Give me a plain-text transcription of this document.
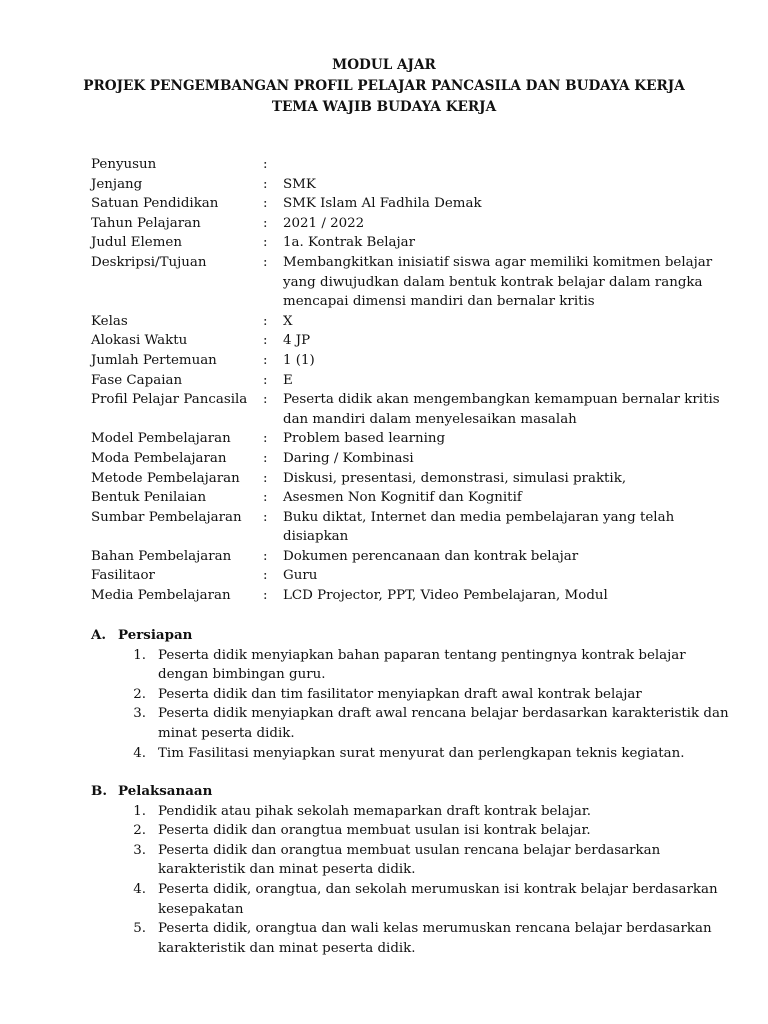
MODUL AJAR
PROJEK PENGEMBANGAN PROFIL PELAJAR PANCASILA DAN BUDAYA KERJA
TEMA WAJIB BUDAYA KERJA
Penyusun	:
Jenjang	:	SMK
Satuan Pendidikan	:	SMK Islam Al Fadhila Demak
Tahun Pelajaran	:	2021 / 2022
Judul Elemen	:	1a. Kontrak Belajar
Deskripsi/Tujuan	:	Membangkitkan inisiatif siswa agar memiliki komitmen belajar yang diwujudkan dalam bentuk kontrak belajar dalam rangka mencapai dimensi mandiri dan bernalar kritis
Kelas	:	X
Alokasi Waktu	:	4 JP
Jumlah Pertemuan	:	1 (1)
Fase Capaian	:	E
Profil Pelajar Pancasila	:	Peserta didik akan mengembangkan kemampuan bernalar kritis dan mandiri dalam menyelesaikan masalah
Model Pembelajaran	:	Problem based learning
Moda Pembelajaran	:	Daring / Kombinasi
Metode Pembelajaran	:	Diskusi, presentasi, demonstrasi, simulasi praktik,
Bentuk Penilaian	:	Asesmen Non Kognitif dan Kognitif
Sumbar Pembelajaran	:	Buku diktat, Internet dan media pembelajaran yang telah disiapkan
Bahan Pembelajaran	:	Dokumen perencanaan dan kontrak belajar
Fasilitaor	:	Guru
Media Pembelajaran	:	LCD Projector, PPT, Video Pembelajaran, Modul
A. Persiapan
1. Peserta didik menyiapkan bahan paparan tentang pentingnya kontrak belajar dengan bimbingan guru.
2. Peserta didik dan tim fasilitator menyiapkan draft awal kontrak belajar
3. Peserta didik menyiapkan draft awal rencana belajar berdasarkan karakteristik dan minat peserta didik.
4. Tim Fasilitasi menyiapkan surat menyurat dan perlengkapan teknis kegiatan.
B. Pelaksanaan
1. Pendidik atau pihak sekolah memaparkan draft kontrak belajar.
2. Peserta didik dan orangtua membuat usulan isi kontrak belajar.
3. Peserta didik dan orangtua membuat usulan rencana belajar berdasarkan karakteristik dan minat peserta didik.
4. Peserta didik, orangtua, dan sekolah merumuskan isi kontrak belajar berdasarkan kesepakatan
5. Peserta didik, orangtua dan wali kelas merumuskan rencana belajar berdasarkan karakteristik dan minat peserta didik.
